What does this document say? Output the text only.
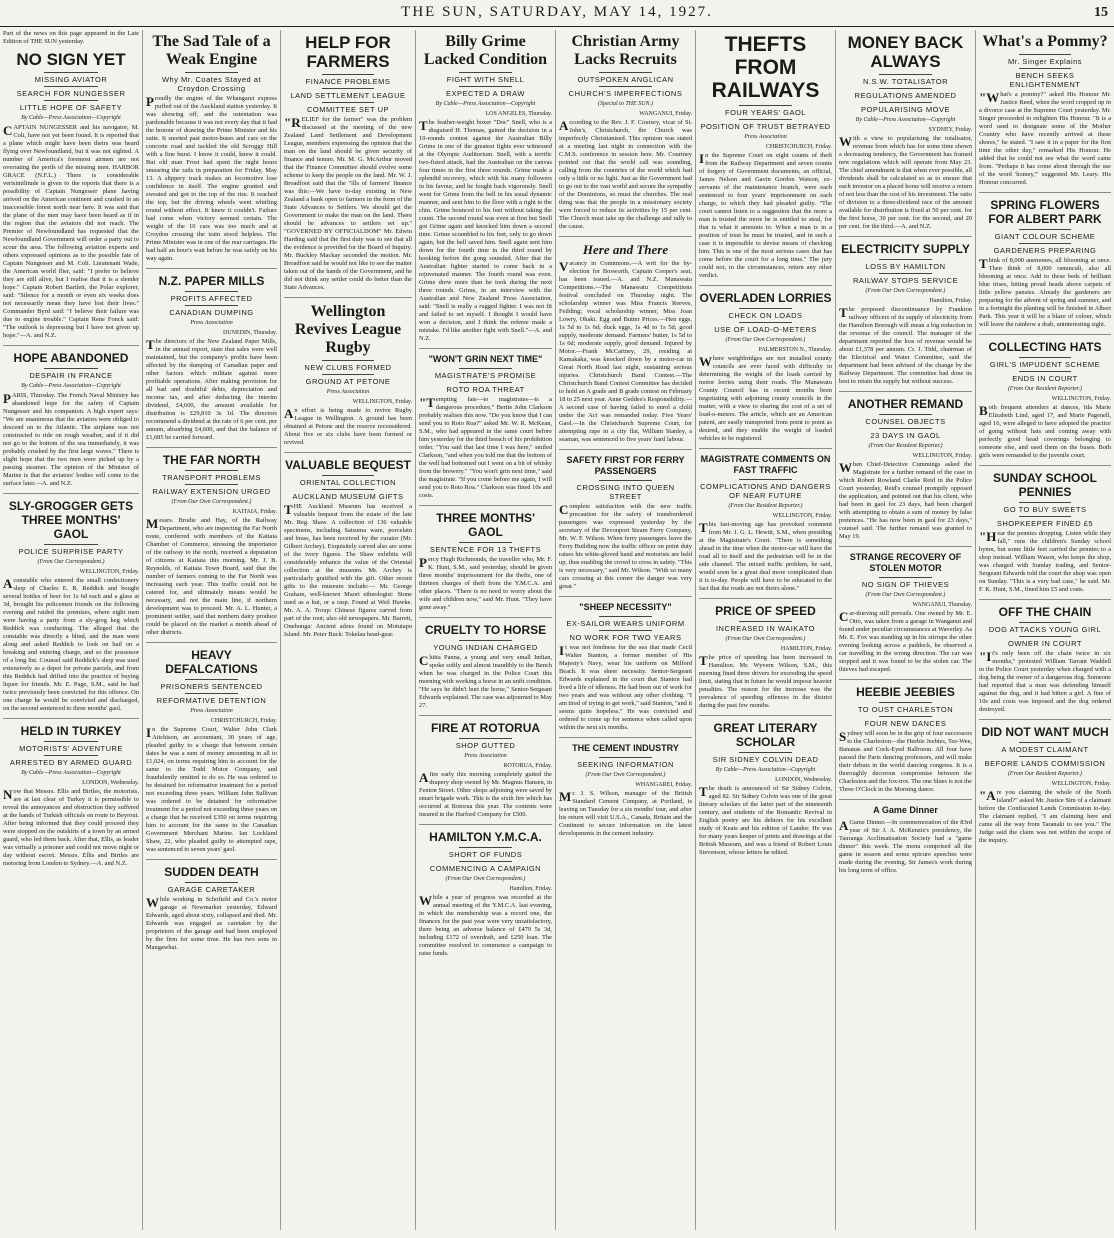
THE SUN, SATURDAY, MAY 14, 1927.	15
Part of the news on this page appeared in the Late Edition of THE SUN yesterday.
NO SIGN YET
MISSING AVIATOR
SEARCH FOR NUNGESSER
LITTLE HOPE OF SAFETY
By Cable—Press Association—Copyright

CAPTAIN NUNGESSER and his navigator, M. Coli, have not yet been found. It is reported that a plane which might have been theirs was heard flying over Newfoundland, but it was not sighted. A number of America's foremost airmen are not overrating the perils of the missing men. HARBOR GRACE (N.F.L.) There is considerable verisimilitude is given to the reports that there is a possibility of Captain Nungesser plane having arrived on the American continent and crashed in an inaccessible forest north near here. It was said that the plane of the men may have been heard as if in the region that the aviators did not reach. The Premier of Newfoundland has requested that the Newfoundland Government will order a party out to scour the area. The following aviation experts and others expressed opinions as to the possible fate of Captain Nungesser and M. Coli. Lieutenant Wade, the American world flier, said: "I prefer to believe they are still alive, but I realise that it is a slender hope." Captain Robert Bartlett, the Polar explorer, said: "Silence for a month or even six weeks does not necessarily mean they have lost their lives." Commander Byrd said: "I believe their failure was due to engine trouble." Captain Rene Fonck said: "The outlook is depressing but I have not given up hope."—A. and N.Z.

HOPE ABANDONED
DESPAIR IN FRANCE
By Cable—Press Association—Copyright

PARIS, Thursday. The French Naval Ministry has abandoned hope for the safety of Captain Nungesser and his companion. A high expert says: "We are unanimous that the aviators were obliged to descend on to the Atlantic. The airplane was not constructed to ride on rough weather, and if it did not go to the bottom of the sea immediately, it was probably crushed by the first large waves." There is slight hope that the two men were picked up by a passing steamer. The opinion of the Minister of Marine is that the aviators' bodies will come to the surface later.—A. and N.Z.

SLY-GROGGER GETS THREE MONTHS' GAOL
POLICE SURPRISE PARTY
(From Our Correspondent.)
WELLINGTON, Friday.

Aconstable who entered the small confectionery shop of Charles E. R. Reddick and bought several bottles of beer for 1s 6d each and a glass at 3d, brought his policemen friends on the following evening and raided the premises, where eight men were having a party from a sly-grog keg which Reddick was conducting. The alleged that the constable was directly a blind, and the man went along and asked Reddick to look on bail on a breaking and entering charge, and so the possessor of a long list. Counsel said Reddick's shop was used extensively as a depot for private parcels, and from this Reddick had drifted into the practice of buying liquor for friends. Mr. E. Page, S.M., said he had twice previously been convicted for this offence. On one charge he would be convicted and discharged, on the second sentenced to three months' gaol.

HELD IN TURKEY
MOTORISTS' ADVENTURE
ARRESTED BY ARMED GUARD
By Cable—Press Association—Copyright
LONDON, Wednesday.

Now that Messrs. Ellis and Birtles, the motorists, are at last clear of Turkey it is permissible to reveal the annoyances and obstruction they suffered at the hands of Turkish officials en route to Beyrout. After being informed that they could proceed they were stopped on the outskirts of a town by an armed guard, who led them back. After that, Ellis, as leader was virtually a prisoner and could not move night or day without escort. Messrs. Ellis and Birtles are motoring from London to Sydney.—A. and N.Z.

The Sad Tale of a Weak Engine
Why Mr. Coates Stayed at Croydon Crossing

Proudly the engine of the Whangarei express puffed out of the Auckland station yesterday. It was showing off, and the ostentation was pardonable because it was not every day that it had the honour of drawing the Prime Minister and his suite. It snorted past motor-buses and cars on the concrete road and tackled the old Scroggy Hill with a fine burst. I know it could, knew it could. But old man Frost had spent the night hours smearing the rails in preparation for Friday, May 13. A slippery track makes an locomotive lose confidence in itself. The engine grunted and sweated and got to the top of the rise. It reached the top, but the driving wheels went whirling round without effect. It knew it couldn't. Failure had come when victory seemed certain. The weight of the 10 cars was too much and at Croydon crossing the train stood helpless. The Prime Minister was in one of the rear carriages. He had half an hour's wait before he was safely on his way again.

N.Z. PAPER MILLS
PROFITS AFFECTED
CANADIAN DUMPING
Press Association
DUNEDIN, Thursday.

The directors of the New Zealand Paper Mills, in the annual report, state that sales were well maintained, but the company's profits have been affected by the dumping of Canadian paper and other factors which militate against more profitable operations. After making provision for all bad and doubtful debts, depreciation and income tax, and after deducting the interim dividend, £4,600, the amount available for distribution is £29,810 3s 1d. The directors recommend a dividend at the rate of 6 per cent. per annum, absorbing £4,600, and that the balance of £1,685 be carried forward.

THE FAR NORTH
TRANSPORT PROBLEMS
RAILWAY EXTENSION URGED
(From Our Own Correspondent.)
KAITAIA, Friday.

Messrs. Brodie and Hay, of the Railway Department, who are inspecting the Far North route, conferred with members of the Kaitaia Chamber of Commerce, stressing the importance of the railway to the north, received a deputation of citizens at Kaitaia this morning. Mr. J. B. Reynolds, of Kaitaia Town Board, said that the number of farmers coming to the Far North was increasing each year. This traffic could not be catered for, and ultimately means would be necessary, and not the main line, if northern development was to proceed. Mr. A. L. Hunter, a prominent settler, said that northern dairy produce could be placed on the market a month ahead of other districts.

HEAVY DEFALCATIONS
PRISONERS SENTENCED
REFORMATIVE DETENTION
Press Association
CHRISTCHURCH, Friday.

In the Supreme Court, Walter John Clark Aitchison, an accountant, 30 years of age, pleaded guilty to a charge that between certain dates he was a sum of money amounting in all to £1,024, on terms requiring him to account for the same to the Todd Motor Company, and fraudulently omitted to do so. He was ordered to be detained for reformative treatment for a period not exceeding three years. William John Sullivan was ordered to be detained for reformative treatment for a period not exceeding three years on a charge that he received £350 on terms requiring him to account for the same to the Canadian Government Merchant Marine. Ian Lockland Shaw, 22, who pleaded guilty to attempted rape, was sentenced to seven years' gaol.

SUDDEN DEATH
GARAGE CARETAKER

While working in Schofield and Co.'s motor garage at Newmarket yesterday, Edward Edwards, aged about sixty, collapsed and died. Mr. Edwards was engaged as caretaker by the proprietors of the garage and had been employed by the firm for some time. He has two sons in Mangawhai.

HELP FOR FARMERS
FINANCE PROBLEMS
LAND SETTLEMENT LEAGUE
COMMITTEE SET UP

"RELIEF for the farmer" was the problem discussed at the meeting of the new Zealand Land Settlement and Development League, members expressing the opinion that the man on the land should be given security of finance and tenure. Mr. M. G. McArthur moved that the Finance Committee should evolve some scheme to keep the people on the land. Mr. W. J. Broadfoot said that the "ills of farmers' finance was this:—We have to-day existing in New Zealand a bank open to farmers in the form of the State Advances to Settlers. We should get the Government to make the man on the land. There should be advances to settlers set up." "GOVERNED BY OFFICIALDOM" Mr. Edwin Harding said that the first duty was to see that all the evidence is provided for the Board of Inquiry. Mr. Buckley Mackay seconded the motion. Mr. Broadfoot said he would not like to see the matter taken out of the hands of the Government, and he did not think any settler could do better than the State Advances.

Wellington Revives League Rugby
NEW CLUBS FORMED
GROUND AT PETONE
Press Association
WELLINGTON, Friday.

An effort is being made to revive Rugby League in Wellington. A ground has been obtained at Petone and the reserve reconsidered. About five or six clubs have been formed or revived.

VALUABLE BEQUEST
ORIENTAL COLLECTION
AUCKLAND MUSEUM GIFTS

THE Auckland Museum has received a valuable bequest from the estate of the late Mr. Reg. Shaw. A collection of 136 valuable specimens, including Satsuma ware, porcelain and brass, has been received by the curator (Mr. Gilbert Archey). Exquisitely carved also are some of the ivory figures. The Shaw exhibits will considerably enhance the value of the Oriental collection at the museum. Mr. Archey is particularly gratified with the gift. Other recent gifts to the museum include:— Mr. George Graham, well-known Maori ethnologist: Stone used as a hui, or a rasp. Found at Weil Hawke. Mr. A. A. Troup: Chinese figures carved from part of the root; also old newspapers. Mr. Barrett, Onehunga: Ancient adzes found on Motutapu Island. Mr. Peter Buck: Tokelau head-gear.

Billy Grime Lacked Condition
FIGHT WITH SNELL
EXPECTED A DRAW
By Cable—Press Association—Copyright
LOS ANGELES, Thursday.

The feather-weight boxer "Doc" Snell, who is a disguised H. Thomas, gained the decision in a 10-rounds contest against the Australian Billy Grime in one of the greatest fights ever witnessed at the Olympic Auditorium. Snell, with a terrific two-fisted attack, had the Australian on the canvas four times in the first three rounds. Grime made a splendid recovery, which with his many followers in his favour, and he fought back vigorously. Snell went for Grime from the bell in his usual dynamic manner, and sent him to the floor with a right to the chin. Grime bounced to his feet without taking the count. The second round was even at first but Snell got Grime again and knocked him down a second time. Grime scrambled to his feet, only to go down again, but the bell saved him. Snell again sent him down for the fourth time in the third round by hooking before the gong sounded. After that the Australian fighter started to come back in a rejuvenated manner. The fourth round was even. Grime drew more than he took during the next three rounds. Grime, in an interview with the Australian and New Zealand Press Association, said: "Snell is really a rugged fighter. I was not fit and failed to set myself. I thought I would have won a decision, and I think the referee made a mistake. I'd like another fight with Snell."—A. and N.Z.

"WON'T GRIN NEXT TIME"
MAGISTRATE'S PROMISE
ROTO ROA THREAT

"Tempting fate—to magistrates—is a dangerous procedure," Bertie John Clarkson probably realises this now. "Do you know that I can send you to Roto Roa?" asked Mr. W. R. McKean, S.M., who had appeared in the same court before him yesterday for the third breach of his prohibition order. "You said that last time I was here," smiled Clarkson, "and when you told me that the bottom of the well had bottomed out I went on a bit of whisky from the brewery." "You won't grin next time," said the magistrate. "If you come before me again, I will send you to Roto Roa." Clarkson was fined 10s and costs.

THREE MONTHS' GAOL
SENTENCE FOR 13 THEFTS

Percy Hugh Richmonds, the traveller who, Mr. F. K. Hunt, S.M., said yesterday, should be given three months' imprisonment for the thefts, one of thirteen charges of theft from the Y.M.C.A. and other places. "There is no need to worry about the wife and children now," said Mr. Hunt. "They have gone away."

CRUELTY TO HORSE
YOUNG INDIAN CHARGED

Chitta Panna, a young and very small Indian, spoke softly and almost inaudibly to the Bench when he was charged in the Police Court this morning with working a horse in an unfit condition. "He says he didn't hurt the horse," Senior-Sergeant Edwards explained. The case was adjourned to May 27.

FIRE AT ROTORUA
SHOP GUTTED
Press Association
ROTORUA, Friday.

Afire early this morning completely gutted the drapery shop owned by Mr. Magnus Hansen, in Fenton Street. Other shops adjoining were saved by smart brigade work. This is the sixth fire which has occurred at Rotorua this year. The contents were insured in the Harford Company for £500.

HAMILTON Y.M.C.A.
SHORT OF FUNDS
COMMENCING A CAMPAIGN
(From Our Own Correspondent.)
Hamilton, Friday.

While a year of progress was recorded at the annual meeting of the Y.M.C.A. last evening, in which the membership was a record one, the finances for the past year were very unsatisfactory, there being an adverse balance of £479 5s 3d, including £172 of overdraft, and £250 loan. The committee resolved to commence a campaign to raise funds.

Christian Army Lacks Recruits
OUTSPOKEN ANGLICAN
CHURCH'S IMPERFECTIONS
(Special to THE SUN.)
WANGANUI, Friday.

According to the Rev. J. F. Coursey, vicar of St. John's, Christchurch, the Church was imperfectly Christianised. This opinion was stated at a meeting last night in connection with the C.M.S. conference in session here. Mr. Courtney pointed out that the world call was sounding, calling from the countries of the world which had only a little or no light. Just as the Government had to go out to the vast world and secure the sympathy of the Dominions, so must the churches. The real thing was that the people in a missionary society were forced to reduce its activities by 15 per cent. The Church must take up the challenge and rally to the cause.

Here and There

Vacancy in Comnmons.—A writ for the by-election for Bosworth, Captain Cooper's seat, has been issued.—A. and N.Z. Manawatu Competitions.—The Manawatu Competitions festival concluded on Thursday night. The scholarship winner was Miss Francis Reeves, Feilding; vocal scholarship winner, Miss Joan Lowry, Ohaki. Egg and Butter Prices.—Hen eggs, 1s 5d to 1s 6d; duck eggs, 1s 4d to 1s 5d; good supply, moderate demand. Farmers' butter, 1s 5d to 1s 6d; moderate supply, good demand. Injured by Motor.—Frank McCartney, 29, residing at Kamakaka, was knocked down by a motor-car in Great North Road last night, sustaining serious injuries. Christchurch Band Contest.—The Christchurch Band Contest Committee has decided to hold an A grade and B grade contest on February 18 to 25 next year. Anne Geddes's Responsibility.—A second case of having failed to enrol a child under the Act was remanded today. Five Years' Gaol.—In the Christchurch Supreme Court, for attempting rape in a city flat, William Stanley, a seaman, was sentenced to five years' hard labour.

SAFETY FIRST FOR FERRY PASSENGERS
CROSSING INTO QUEEN STREET

Complete satisfaction with the new traffic precaution for the safety of transbordered passengers was expressed yesterday by the secretary of the Devonport Steam Ferry Company, Mr. W. F. Wilson. When ferry passengers leave the Ferry Building now the traffic officer on point duty raises his white-gloved hand and motorists are held up, thus enabling the crowd to cross in safety. "This is very necessary," said Mr. Wilson. "With so many cars crossing at this corner the danger was very great."

"SHEEP NECESSITY"
EX-SAILOR WEARS UNIFORM
NO WORK FOR TWO YEARS

It was not fondness for the sea that made Cecil Walter Stanton, a former member of His Majesty's Navy, wear his uniform on Milford Beach. It was sheer necessity. Senior-Sergeant Edwards explained in the court that Stanton had lived a life of idleness. He had been out of work for two years and was without any other clothing. "I am tired of trying to get work," said Stanton, "and it seems quite hopeless." He was convicted and ordered to come up for sentence when called upon within the next six months.

THE CEMENT INDUSTRY
SEEKING INFORMATION
(From Our Own Correspondent.)
WHANGAREI, Friday.

Mr. J. S. Wilson, manager of the British Standard Cement Company, at Portland, is leaving on Tuesday for a six months' tour, and after his return will visit U.S.A., Canada, Britain and the Continent to secure information on the latest developments in the cement industry.

THEFTS FROM RAILWAYS
FOUR YEARS' GAOL
POSITION OF TRUST BETRAYED
Press Association
CHRISTCHURCH, Friday.

In the Supreme Court on eight counts of theft from the Railway Department and seven counts of forgery of Government documents, an official, James Nelson and Gavin Gordon Watson, ex-servants of the maintenance branch, were each sentenced to four years' imprisonment on each charge, to which they had pleaded guilty. "The court cannot listen to a suggestion that the more a man is trusted the more he is entitled to steal, for that is what it amounts to. When a man is in a position of trust he must be trusted, and in such a case it is impossible to devise means of checking him. This is one of the most serious cases that has come before the court for a long time." The jury could not, in the circumstances, return any other verdict.

OVERLADEN LORRIES
CHECK ON LOADS
USE OF LOAD-O-METERS
(From Our Own Correspondent.)
PALMERSTON N., Thursday.

Where weighbridges are not installed county councils are ever faced with difficulty in determining the weight of the loads carried by motor lorries using their roads. The Manawatu County Council has in recent months been negotiating with adjoining county councils in the matter, with a view to sharing the cost of a set of load-o-meters. The article, which are an American patent, are easily transported from point to point as desired, and they enable the weight of loaded vehicles to be registered.

MAGISTRATE COMMENTS ON FAST TRAFFIC
COMPLICATIONS AND DANGERS OF NEAR FUTURE
(From Our Resident Reporter.)
WELLINGTON, Friday.

This fast-moving age has provoked comment from Mr. J. G. L. Hewitt, S.M., when presiding at the Magistrate's Court. "There is something ahead in the time when the motor-car will have the road all to itself and the pedestrian will be in the side channel. The mixed traffic problem, he said, would soon be a great deal more complicated than it is to-day. People will have to be educated to the fact that the roads are not theirs alone."

PRICE OF SPEED
INCREASED IN WAIKATO
(From Our Own Correspondent.)
HAMILTON, Friday.

The price of speeding has been increased in Hamilton. Mr. Wyvern Wilson, S.M., this morning fined three drivers for exceeding the speed limit, stating that in future he would impose heavier penalties. The reason for the increase was the prevalence of speeding offences in the district during the past few months.

GREAT LITERARY SCHOLAR
SIR SIDNEY COLVIN DEAD
By Cable—Press Association—Copyright
LONDON, Wednesday.

The death is announced of Sir Sidney Colvin, aged 82. Sir Sidney Colvin was one of the great literary scholars of the latter part of the nineteenth century, and students of the Romantic Revival in English poetry are his debtors for his excellent study of Keats and his edition of Landor. He was for many years keeper of prints and drawings at the British Museum, and was a friend of Robert Louis Stevenson, whose letters he edited.

MONEY BACK ALWAYS
N.S.W. TOTALISATOR
REGULATIONS AMENDED
POPULARISING MOVE
By Cable—Press Association—Copyright
SYDNEY, Friday.

With a view to popularising the totalisator, revenue from which has for some time shown a decreasing tendency, the Government has framed new regulations which will operate from May 23. The chief amendment is that when ever possible, all dividends shall be calculated so as to ensure that each investor on a placed horse will receive a return of not less than the cost of his investment. The ratio of division to a three-dividend race of the amount available for distribution is fixed at 50 per cent. for the first horse, 30 per cent. for the second, and 20 per cent. for the third.—A. and N.Z.

ELECTRICITY SUPPLY
LOSS BY HAMILTON
RAILWAY STOPS SERVICE
(From Our Own Correspondent.)
Hamilton, Friday.

The proposed discontinuance by Frankton railway officers of its supply of electricity from the Hamilton Borough will mean a big reduction in the revenue of the council. The manager of the department reported the loss of revenue would be about £1,378 per annum. Cr. J. Tidd, chairman of the Electrical and Water Committee, said the department had been advised of the change by the Railway Department. The committee had done its best to retain the supply but without success.

ANOTHER REMAND
COUNSEL OBJECTS
23 DAYS IN GAOL
(From Our Resident Reporter.)
WELLINGTON, Friday.

When Chief-Detective Cummings asked the Magistrate for a further remand of the case in which Robert Rowland Clarke Reid in the Police Court yesterday, Reid's counsel promptly opposed the application, and pointed out that his client, who had been in gaol for 23 days, had been charged with attempting to obtain a sum of money by false pretences. "He has now been in gaol for 23 days," counsel said. The further remand was granted to May 19.

STRANGE RECOVERY OF STOLEN MOTOR
NO SIGN OF THIEVES
(From Our Own Correspondent.)
WANGANUI, Thursday.

Car-thieving still prevails. One owned by Mr. E. Otto, was taken from a garage in Wanganui and found under peculiar circumstances at Waverley. As Mr. E. Fox was standing up in his stirrups the other evening looking across a paddock, he observed a car travelling in the wrong direction. The car was stopped and it was found to be the stolen car. The thieves had escaped.

HEEBIE JEEBIES
TO OUST CHARLESTON
FOUR NEW DANCES

Sydney will soon be in the grip of four successors to the Charleston—the Heebie Jeebies, Tee-Wee, Bananas and Cock-Eyed Ballroom. All four have passed the Paris dancing professors, and will make their debuts in the world dancing congress. It is a thoroughly decorous compromise between the Charleston and the fox-trot. The one blues is not the Three O'Clock in the Morning dance.

A Game Dinner

AGame Dinner.—In commemoration of the 83rd year of Sir J. A. McKenzie's presidency, the Tauranga Acclimatisation Society had a "game dinner" this week. The menu comprised all the game in season and some epicure speeches were made during the evening, Sir James's work during his long term of office.

What's a Pommy?
Mr. Singer Explains
BENCH SEEKS ENLIGHTENMENT

"What's a pommy?" asked His Honour Mr. Justice Reed, when the word cropped up in a divorce case at the Supreme Court yesterday. Mr. Singer proceeded to enlighten His Honour. "It is a word used to designate some of the Mother Country who have recently arrived at these shores," he stated. "I saw it in a paper for the first time the other day," remarked His Honour. He added that he could not see what the word came from. "Perhaps it has come about through the use of the word 'homey,'" suggested Mr. Leary. His Honour concurred.

SPRING FLOWERS FOR ALBERT PARK
GIANT COLOUR SCHEME
GARDENERS PREPARING

Think of 8,000 anemones, all blooming at once. Then think of 8,000 ranunculi, also all blooming at once. Add to these beds of brilliant blue irises, hitting proud heads above carpets of little yellow pansies. Already the gardeners are preparing for the advent of spring and summer, and in a fortnight the planting will be finished in Albert Park. This year it will be a blaze of colour, which will leave the rainbow a drab, uninteresting sight.

COLLECTING HATS
GIRL'S IMPUDENT SCHEME
ENDS IN COURT
(From Our Resident Reporter.)
WELLINGTON, Friday.

Both frequent attenders at dances, Ida Marie Elizabeth Lind, aged 17, and Marie Pagenell, aged 16, were alleged to have adopted the practice of going without hats and coming away with perfectly good head coverings belonging to someone else, and used them on the buses. Both girls were remanded to the juvenile court.

SUNDAY SCHOOL PENNIES
GO TO BUY SWEETS
SHOPKEEPER FINED £5

"Hear the pennies dropping. Listen while they fall," runs the children's Sunday school hymn, but some little feet carried the pennies to a shop instead. William Wason, who keeps the shop, was charged with Sunday trading, and Senior-Sergeant Edwards told the court the shop was open on Sunday. "This is a very bad case," he said. Mr. F. K. Hunt, S.M., fined him £5 and costs.

OFF THE CHAIN
DOG ATTACKS YOUNG GIRL
OWNER IN COURT

"It's only been off the chain twice in six months," protested William Tarrant Waddell in the Police Court yesterday when charged with a dog being the owner of a dangerous dog. Someone had reported that a man was defending himself against the dog, and it had bitten a girl. A fine of 10s and costs was imposed and the dog ordered destroyed.

DID NOT WANT MUCH
A MODEST CLAIMANT
BEFORE LANDS COMMISSION
(From Our Resident Reporter.)
WELLINGTON, Friday.

"Are you claiming the whole of the North Island?" asked Mr. Justice Sim of a claimant before the Confiscated Lands Commission to-day. The claimant replied, "I am claiming here and came all the way from Taranaki to see you." The Judge said the claim was not within the scope of the inquiry.
